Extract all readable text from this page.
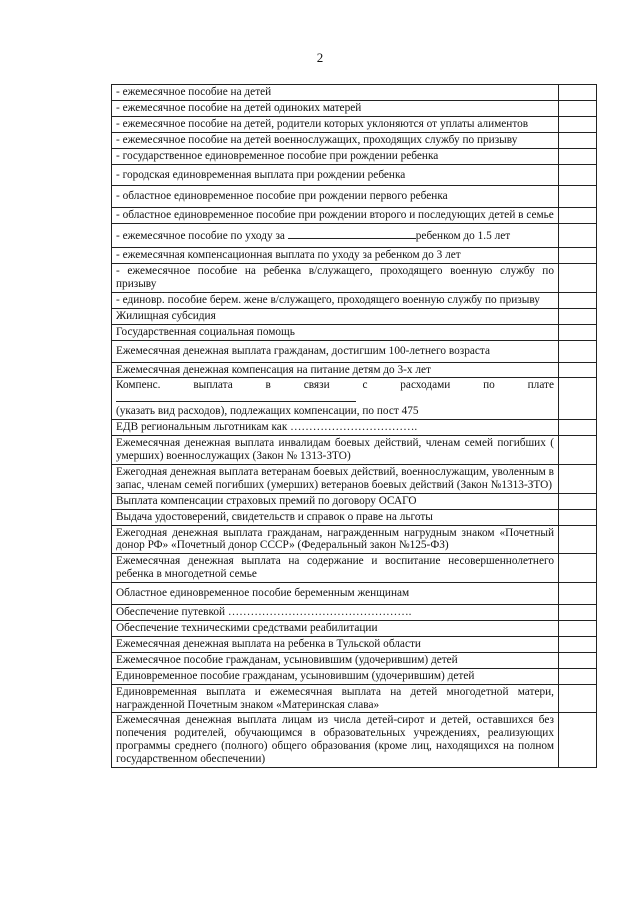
2
- ежемесячное пособие на детей	
- ежемесячное пособие на детей одиноких матерей	
- ежемесячное пособие на детей, родители которых уклоняются от уплаты алиментов	
- ежемесячное пособие на детей военнослужащих, проходящих службу по призыву	
- государственное единовременное пособие при рождении ребенка	
- городская единовременная выплата при рождении ребенка	
- областное единовременное пособие при рождении первого ребенка	
- областное единовременное пособие при рождении второго и последующих детей в семье	
- ежемесячное пособие по уходу за ребенком до 1.5 лет	
- ежемесячная компенсационная выплата по уходу за ребенком до 3 лет	
- ежемесячное пособие на ребенка в/служащего, проходящего военную службу по призыву	
- единовр. пособие берем. жене в/служащего, проходящего военную службу по призыву	
Жилищная субсидия	
Государственная социальная помощь	
Ежемесячная денежная выплата гражданам, достигшим 100-летнего возраста	
Ежемесячная денежная компенсация на питание детям до 3-х лет	

Компенс. выплата в связи с расходами по плате
(указать вид расходов), подлежащих компенсации, по пост 475	
ЕДВ региональным льготникам как …………………………….	
Ежемесячная денежная выплата инвалидам боевых действий, членам семей погибших ( умерших) военнослужащих (Закон № 1313-ЗТО)	
Ежегодная денежная выплата ветеранам боевых действий, военнослужащим, уволенным в запас, членам семей погибших (умерших) ветеранов боевых действий (Закон №1313-ЗТО)	
Выплата компенсации страховых премий по договору ОСАГО	
Выдача удостоверений, свидетельств и справок о праве на льготы	
Ежегодная денежная выплата гражданам, награжденным нагрудным знаком «Почетный донор РФ» «Почетный донор СССР» (Федеральный закон №125-ФЗ)	
Ежемесячная денежная выплата на содержание и воспитание несовершеннолетнего ребенка в многодетной семье	
Областное единовременное пособие беременным женщинам	
Обеспечение путевкой ………………………………………….	
Обеспечение техническими средствами реабилитации	
Ежемесячная денежная выплата на ребенка в Тульской области	
Ежемесячное пособие гражданам, усыновившим (удочерившим) детей	
Единовременное пособие гражданам, усыновившим (удочерившим) детей	
Единовременная выплата и ежемесячная выплата на детей многодетной матери, награжденной Почетным знаком «Материнская слава»	
Ежемесячная денежная выплата лицам из числа детей-сирот и детей, оставшихся без попечения родителей, обучающимся в образовательных учреждениях, реализующих программы среднего (полного) общего образования (кроме лиц, находящихся на полном государственном обеспечении)	
